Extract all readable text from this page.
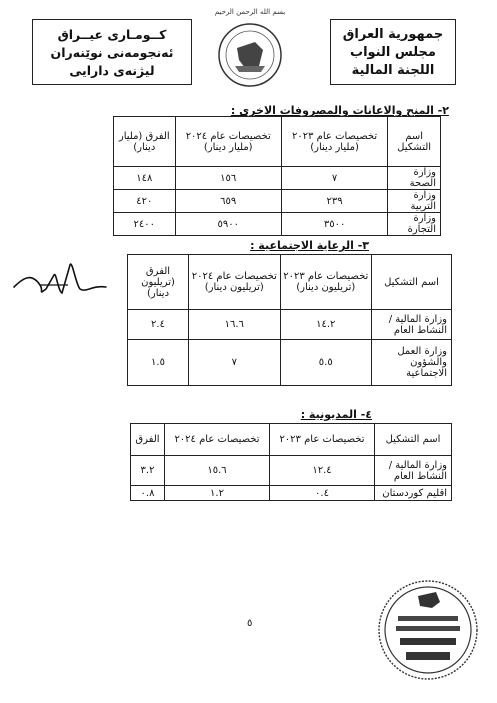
جمهورية العراق
مجلس النواب
اللجنة المالية
كــومـارى عيــراق
ئەنجومەنى نوێنەران
لیژنەی دارایی
بسم الله الرحمن الرحيم
٢- المنح والاعانات والمصروفات الاخرى :
اسم التشكيل	تخصيصات عام ٢٠٢٣ (مليار دينار)	تخصيصات عام ٢٠٢٤ (مليار دينار)	الفرق (مليار دينار)
وزارة الصحة	٧	١٥٦	١٤٨
وزارة التربية	٢٣٩	٦٥٩	٤٢٠
وزارة التجارة	٣٥٠٠	٥٩٠٠	٢٤٠٠
٣- الرعاية الاجتماعية :
اسم التشكيل	تخصيصات عام ٢٠٢٣ (تريليون دينار)	تخصيصات عام ٢٠٢٤ (تريليون دينار)	الفرق (تريليون دينار)
وزارة المالية / النشاط العام	١٤.٢	١٦.٦	٢.٤
وزارة العمل والشؤون الاجتماعية	٥.٥	٧	١.٥
٤- المديونية :
اسم التشكيل	تخصيصات عام ٢٠٢٣	تخصيصات عام ٢٠٢٤	الفرق
وزارة المالية / النشاط العام	١٢.٤	١٥.٦	٣.٢
اقليم كوردستان	٠.٤	١.٢	٠.٨
٥
